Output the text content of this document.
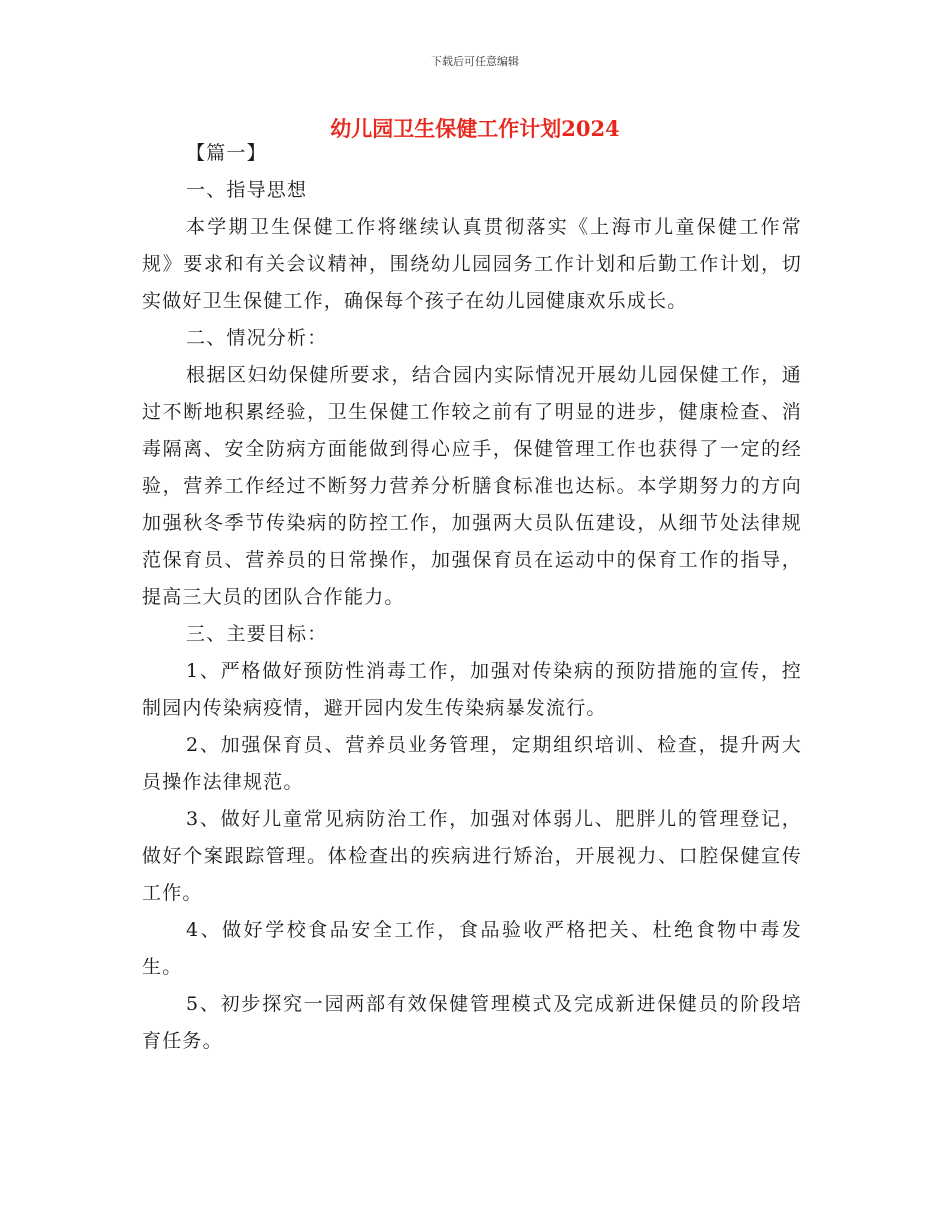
下载后可任意编辑
幼儿园卫生保健工作计划2024

【篇一】

一、指导思想

本学期卫生保健工作将继续认真贯彻落实《上海市儿童保健工作常规》要求和有关会议精神，围绕幼儿园园务工作计划和后勤工作计划，切实做好卫生保健工作，确保每个孩子在幼儿园健康欢乐成长。

二、情况分析：

根据区妇幼保健所要求，结合园内实际情况开展幼儿园保健工作，通过不断地积累经验，卫生保健工作较之前有了明显的进步，健康检查、消毒隔离、安全防病方面能做到得心应手，保健管理工作也获得了一定的经验，营养工作经过不断努力营养分析膳食标准也达标。本学期努力的方向加强秋冬季节传染病的防控工作，加强两大员队伍建设，从细节处法律规范保育员、营养员的日常操作，加强保育员在运动中的保育工作的指导，提高三大员的团队合作能力。

三、主要目标：

1、严格做好预防性消毒工作，加强对传染病的预防措施的宣传，控制园内传染病疫情，避开园内发生传染病暴发流行。

2、加强保育员、营养员业务管理，定期组织培训、检查，提升两大员操作法律规范。

3、做好儿童常见病防治工作，加强对体弱儿、肥胖儿的管理登记，做好个案跟踪管理。体检查出的疾病进行矫治，开展视力、口腔保健宣传工作。

4、做好学校食品安全工作，食品验收严格把关、杜绝食物中毒发生。

5、初步探究一园两部有效保健管理模式及完成新进保健员的阶段培育任务。
